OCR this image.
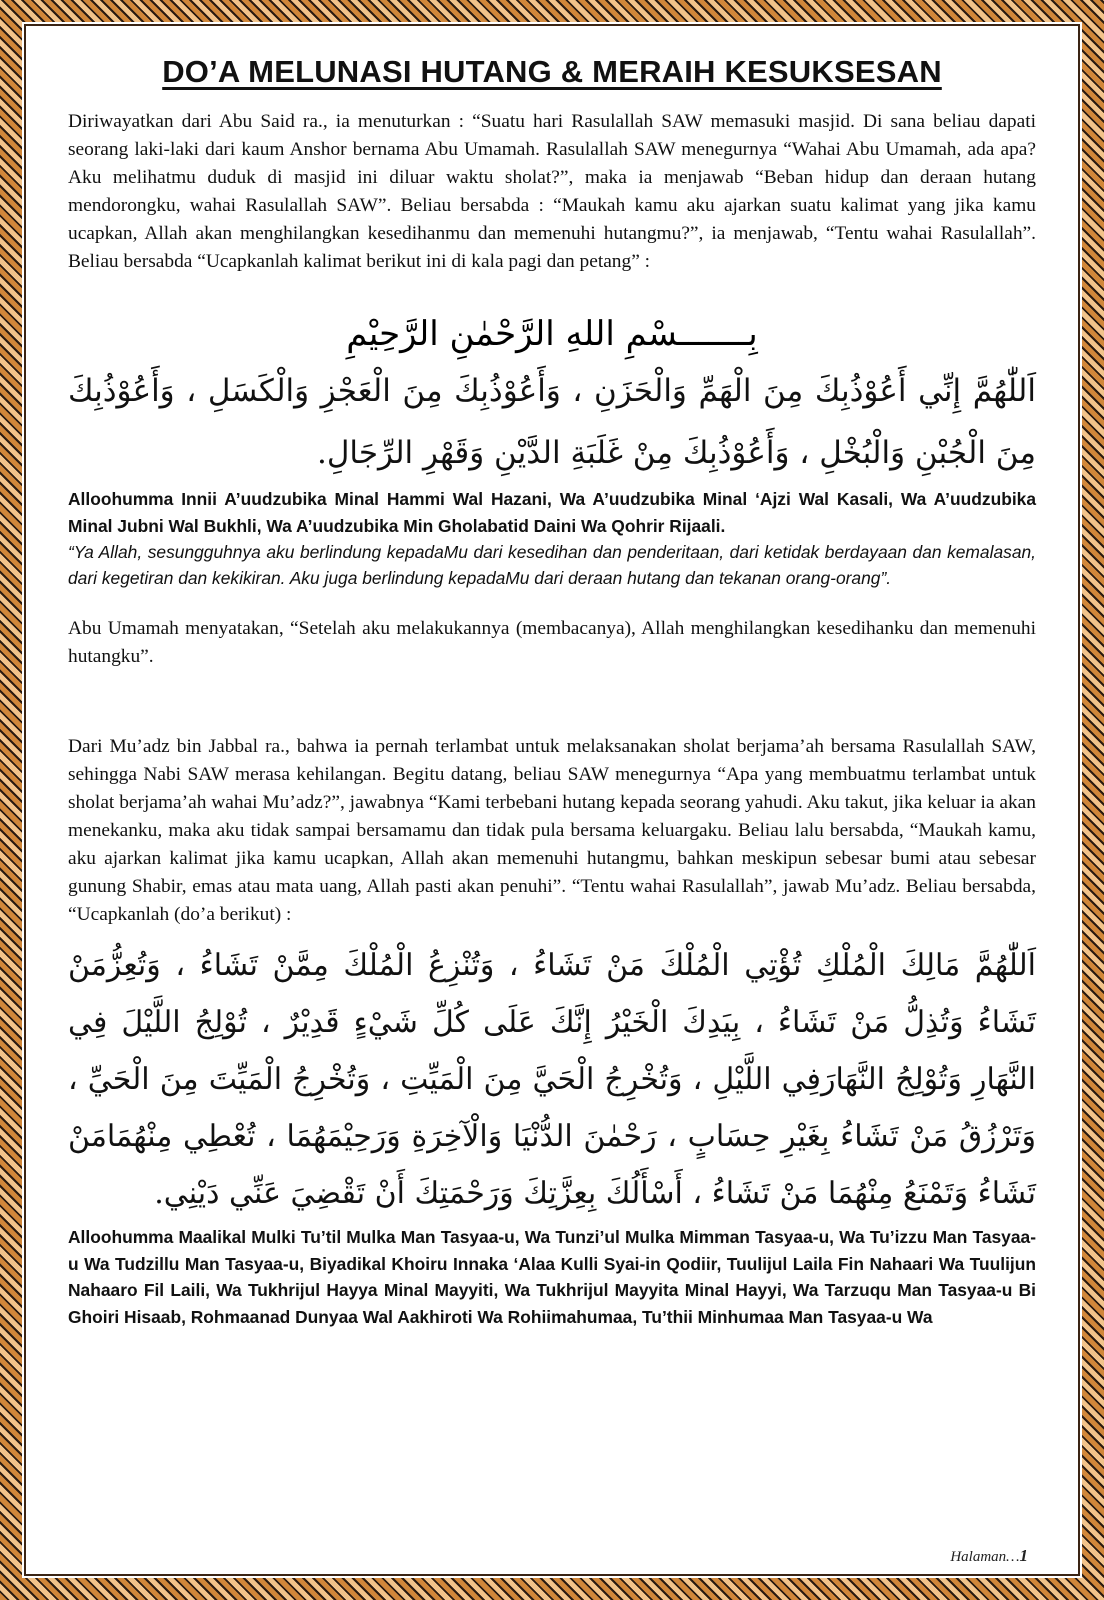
DO’A MELUNASI HUTANG & MERAIH KESUKSESAN

Diriwayatkan dari Abu Said ra., ia menuturkan : “Suatu hari Rasulallah SAW memasuki masjid. Di sana beliau dapati seorang laki-laki dari kaum Anshor bernama Abu Umamah. Rasulallah SAW menegurnya “Wahai Abu Umamah, ada apa? Aku melihatmu duduk di masjid ini diluar waktu sholat?”, maka ia menjawab “Beban hidup dan deraan hutang mendorongku, wahai Rasulallah SAW”. Beliau bersabda : “Maukah kamu aku ajarkan suatu kalimat yang jika kamu ucapkan, Allah akan menghilangkan kesedihanmu dan memenuhi hutangmu?”, ia menjawab, “Tentu wahai Rasulallah”. Beliau bersabda “Ucapkanlah kalimat berikut ini di kala pagi dan petang” :

بِـــــــسْمِ اللهِ الرَّحْمٰنِ الرَّحِيْمِ

اَللّٰهُمَّ إِنِّي أَعُوْذُبِكَ مِنَ الْهَمِّ وَالْحَزَنِ ، وَأَعُوْذُبِكَ مِنَ الْعَجْزِ وَالْكَسَلِ ، وَأَعُوْذُبِكَ مِنَ الْجُبْنِ وَالْبُخْلِ ، وَأَعُوْذُبِكَ مِنْ غَلَبَةِ الدَّيْنِ وَقَهْرِ الرِّجَالِ.

Alloohumma Innii A’uudzubika Minal Hammi Wal Hazani, Wa A’uudzubika Minal ‘Ajzi Wal Kasali, Wa A’uudzubika Minal Jubni Wal Bukhli, Wa A’uudzubika Min Gholabatid Daini Wa Qohrir Rijaali.

“Ya Allah, sesungguhnya aku berlindung kepadaMu dari kesedihan dan penderitaan, dari ketidak berdayaan dan kemalasan, dari kegetiran dan kekikiran. Aku juga berlindung kepadaMu dari deraan hutang dan tekanan orang-orang”.

Abu Umamah menyatakan, “Setelah aku melakukannya (membacanya), Allah menghilangkan kesedihanku dan memenuhi hutangku”.

Dari Mu’adz bin Jabbal ra., bahwa ia pernah terlambat untuk melaksanakan sholat berjama’ah bersama Rasulallah SAW, sehingga Nabi SAW merasa kehilangan. Begitu datang, beliau SAW menegurnya “Apa yang membuatmu terlambat untuk sholat berjama’ah wahai Mu’adz?”, jawabnya “Kami terbebani hutang kepada seorang yahudi. Aku takut, jika keluar ia akan menekanku, maka aku tidak sampai bersamamu dan tidak pula bersama keluargaku. Beliau lalu bersabda, “Maukah kamu, aku ajarkan kalimat jika kamu ucapkan, Allah akan memenuhi hutangmu, bahkan meskipun sebesar bumi atau sebesar gunung Shabir, emas atau mata uang, Allah pasti akan penuhi”. “Tentu wahai Rasulallah”, jawab Mu’adz. Beliau bersabda, “Ucapkanlah (do’a berikut) :

اَللّٰهُمَّ مَالِكَ الْمُلْكِ تُؤْتِي الْمُلْكَ مَنْ تَشَاءُ ، وَتُنْزِعُ الْمُلْكَ مِمَّنْ تَشَاءُ ، وَتُعِزُّمَنْ تَشَاءُ وَتُذِلُّ مَنْ تَشَاءُ ، بِيَدِكَ الْخَيْرُ إِنَّكَ عَلَى كُلِّ شَيْءٍ قَدِيْرٌ ، تُوْلِجُ اللَّيْلَ فِي النَّهَارِ وَتُوْلِجُ النَّهَارَفِي اللَّيْلِ ، وَتُخْرِجُ الْحَيَّ مِنَ الْمَيِّتِ ، وَتُخْرِجُ الْمَيِّتَ مِنَ الْحَيِّ ، وَتَرْزُقُ مَنْ تَشَاءُ بِغَيْرِ حِسَابٍ ، رَحْمٰنَ الدُّنْيَا وَالْآخِرَةِ وَرَحِيْمَهُمَا ، تُعْطِي مِنْهُمَامَنْ تَشَاءُ وَتَمْنَعُ مِنْهُمَا مَنْ تَشَاءُ ، أَسْأَلُكَ بِعِزَّتِكَ وَرَحْمَتِكَ أَنْ تَقْضِيَ عَنِّي دَيْنِي.

Alloohumma Maalikal Mulki Tu’til Mulka Man Tasyaa-u, Wa Tunzi’ul Mulka Mimman Tasyaa-u, Wa Tu’izzu Man Tasyaa-u Wa Tudzillu Man Tasyaa-u, Biyadikal Khoiru Innaka ‘Alaa Kulli Syai-in Qodiir, Tuulijul Laila Fin Nahaari Wa Tuulijun Nahaaro Fil Laili, Wa Tukhrijul Hayya Minal Mayyiti, Wa Tukhrijul Mayyita Minal Hayyi, Wa Tarzuqu Man Tasyaa-u Bi Ghoiri Hisaab, Rohmaanad Dunyaa Wal Aakhiroti Wa Rohiimahumaa, Tu’thii Minhumaa Man Tasyaa-u Wa

Halaman…1
